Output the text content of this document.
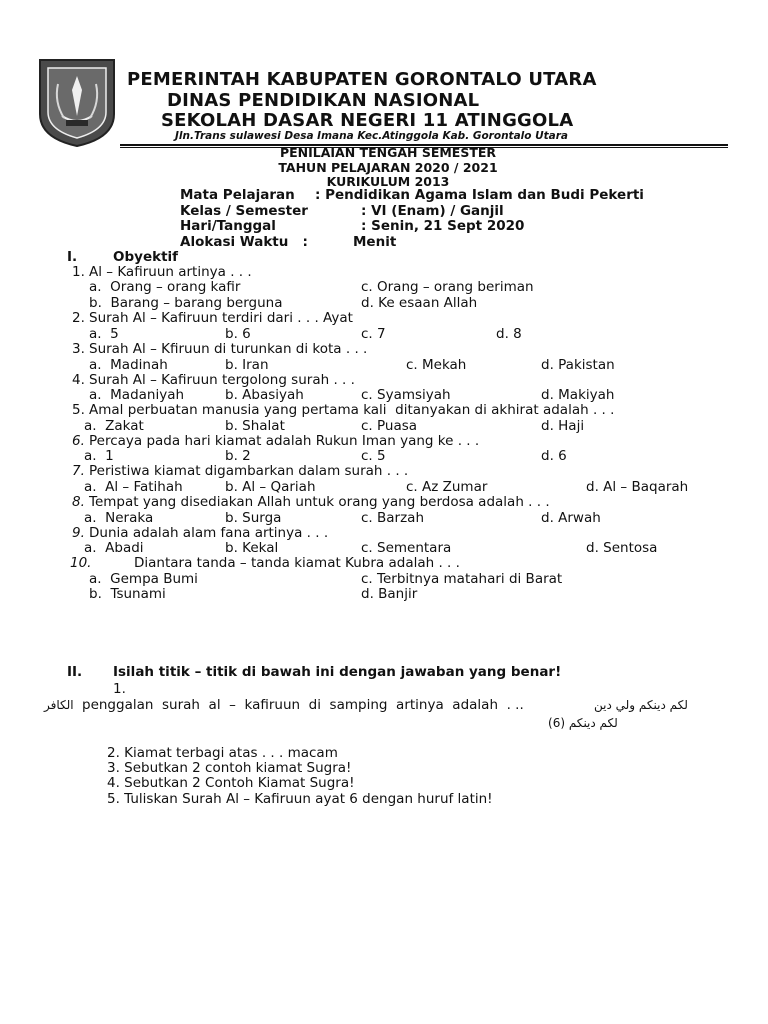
PEMERINTAH KABUPATEN GORONTALO UTARA
DINAS PENDIDIKAN NASIONAL
SEKOLAH DASAR NEGERI 11 ATINGGOLA
Jln.Trans sulawesi Desa Imana Kec.Atinggola Kab. Gorontalo Utara
PENILAIAN TENGAH SEMESTER
TAHUN PELAJARAN 2020 / 2021
KURIKULUM 2013
Mata Pelajaran : Pendidikan Agama Islam dan Budi Pekerti
Kelas / Semester	: VI (Enam) / Ganjil
Hari/Tanggal	: Senin, 21 Sept 2020
Alokasi Waktu   :	Menit
I.	Obyektif
1. Al – Kafiruun artinya . . .
a.  Orang – orang kafir	c. Orang – orang beriman
b.  Barang – barang berguna	d. Ke esaan Allah
2. Surah Al – Kafiruun terdiri dari . . . Ayat
a.  5	b. 6	c. 7	d. 8
3. Surah Al – Kfiruun di turunkan di kota . . .
a.  Madinah	b. Iran	c. Mekah	d. Pakistan
4. Surah Al – Kafiruun tergolong surah . . .
a.  Madaniyah	b. Abasiyah	c. Syamsiyah	d. Makiyah
5. Amal perbuatan manusia yang pertama kali  ditanyakan di akhirat adalah . . .
a.  Zakat	b. Shalat	c. Puasa	d. Haji
6. Percaya pada hari kiamat adalah Rukun Iman yang ke . . .
a.  1	b. 2	c. 5	d. 6
7. Peristiwa kiamat digambarkan dalam surah . . .
a.  Al – Fatihah	b. Al – Qariah	c. Az Zumar	d. Al – Baqarah
8. Tempat yang disediakan Allah untuk orang yang berdosa adalah . . .
a.  Neraka	b. Surga	c. Barzah	d. Arwah
9. Dunia adalah alam fana artinya . . .
a.  Abadi	b. Kekal	c. Sementara	d. Sentosa
10.	Diantara tanda – tanda kiamat Kubra adalah . . .
a.  Gempa Bumi	c. Terbitnya matahari di Barat
b.  Tsunami	d. Banjir
II. Isilah titik – titik di bawah ini dengan jawaban yang benar!
1.
ﺍﻟﻜﺎﻓﺮ penggalan  surah  al  –  kafiruun  di  samping  artinya  adalah  . ..	ﻟﻜﻢ ﺩﻳﻨﻜﻢ ﻭﻟﻲ ﺩﻳﻦ
ﻟﻜﻢ ﺩﻳﻨﻜﻢ (6)
2. Kiamat terbagi atas . . . macam
3. Sebutkan 2 contoh kiamat Sugra!
4. Sebutkan 2 Contoh Kiamat Sugra!
5. Tuliskan Surah Al – Kafiruun ayat 6 dengan huruf latin!
